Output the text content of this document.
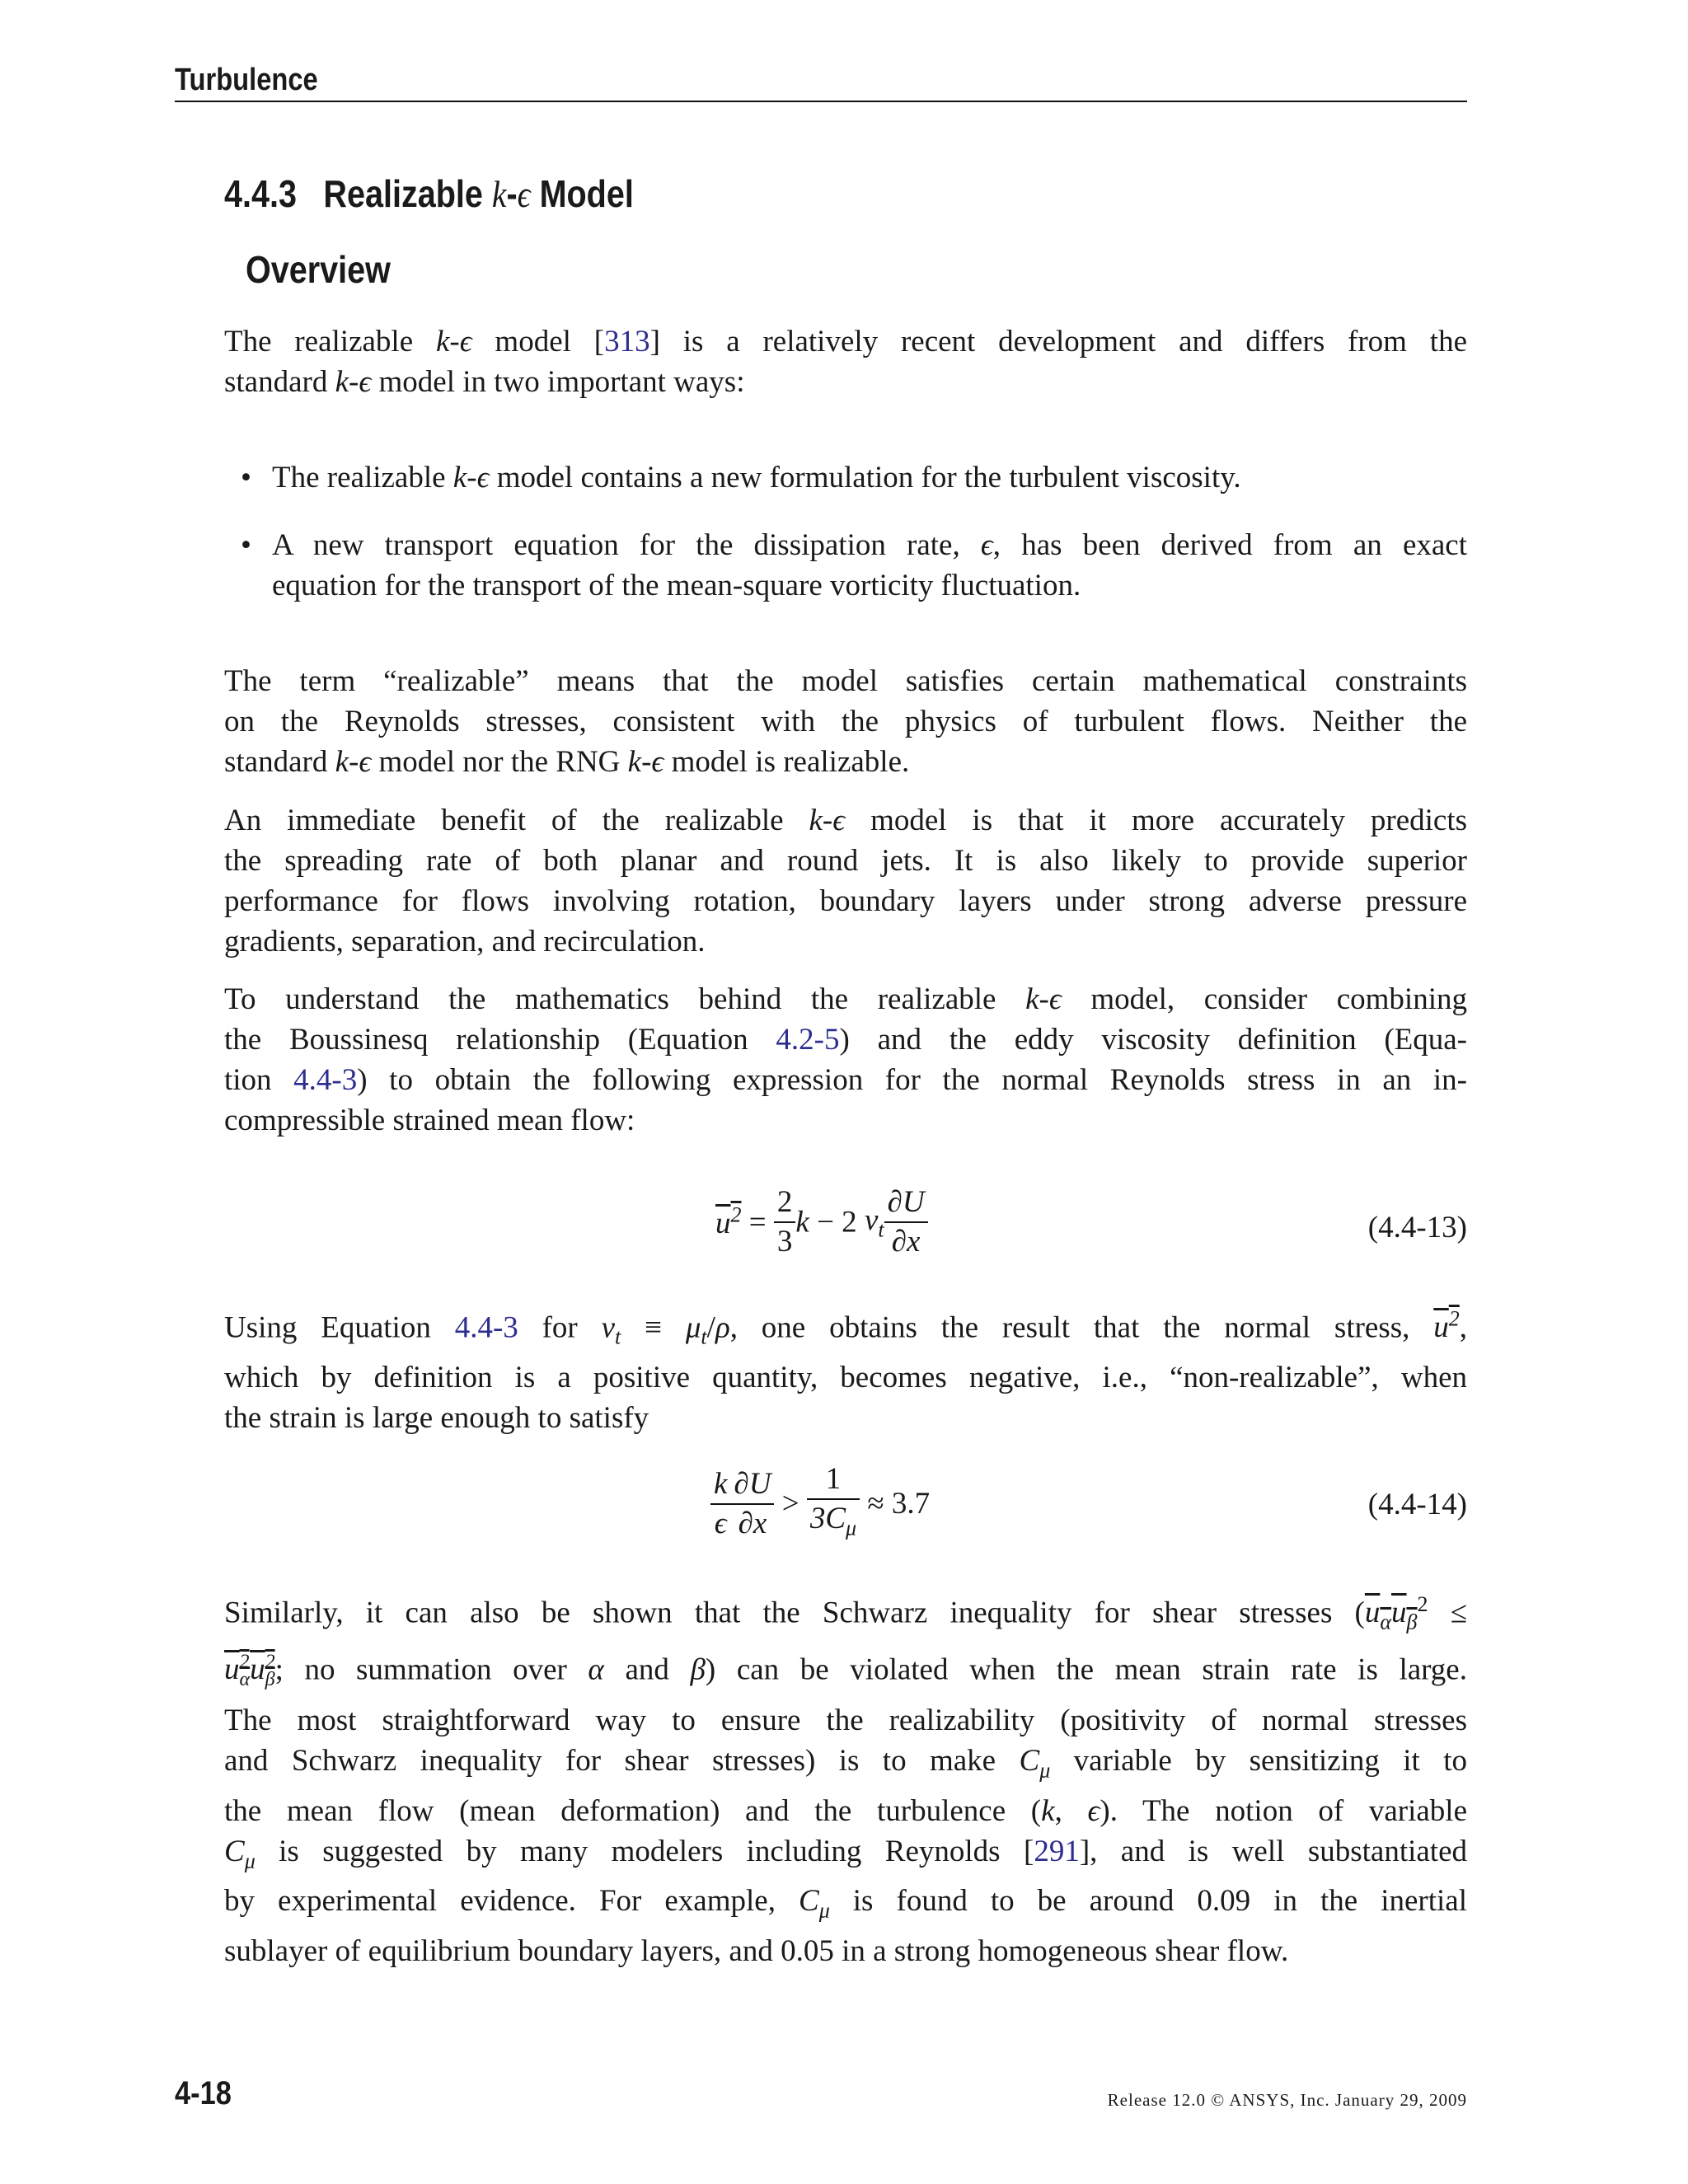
Turbulence
4.4.3 Realizable k-ϵ Model
Overview
The realizable k-ϵ model [313] is a relatively recent development and differs from the
standard k-ϵ model in two important ways:
• The realizable k-ϵ model contains a new formulation for the turbulent viscosity.
• A new transport equation for the dissipation rate, ϵ, has been derived from an exact
equation for the transport of the mean-square vorticity fluctuation.
The term “realizable” means that the model satisfies certain mathematical constraints
on the Reynolds stresses, consistent with the physics of turbulent flows. Neither the
standard k-ϵ model nor the RNG k-ϵ model is realizable.
An immediate benefit of the realizable k-ϵ model is that it more accurately predicts
the spreading rate of both planar and round jets. It is also likely to provide superior
performance for flows involving rotation, boundary layers under strong adverse pressure
gradients, separation, and recirculation.
To understand the mathematics behind the realizable k-ϵ model, consider combining
the Boussinesq relationship (Equation 4.2-5) and the eddy viscosity definition (Equa-
tion 4.4-3) to obtain the following expression for the normal Reynolds stress in an in-
compressible strained mean flow:
$u^2 = \frac{2}{3}$ k − 2 $\nu_t \frac{\partial U}{\partial x}$	(4.4-13)
Using Equation 4.4-3 for $\nu_t \equiv \mu_t/\rho$, one obtains the result that the normal stress, $u^2$,
which by definition is a positive quantity, becomes negative, i.e., “non-realizable”, when
the strain is large enough to satisfy
$\frac{k}{\epsilon} \frac{\partial U}{\partial x} > \frac{1}{3C_\mu} \approx 3.7$	(4.4-14)
Similarly, it can also be shown that the Schwarz inequality for shear stresses ($u_\alpha u_\beta^2$ ≤
$u^2_\alpha u^2_\beta$; no summation over α and β) can be violated when the mean strain rate is large.
The most straightforward way to ensure the realizability (positivity of normal stresses
and Schwarz inequality for shear stresses) is to make $C_\mu$ variable by sensitizing it to
the mean flow (mean deformation) and the turbulence (k, ϵ). The notion of variable
$C_\mu$ is suggested by many modelers including Reynolds [291], and is well substantiated
by experimental evidence. For example, $C_\mu$ is found to be around 0.09 in the inertial
sublayer of equilibrium boundary layers, and 0.05 in a strong homogeneous shear flow.
4-18	Release 12.0 © ANSYS, Inc. January 29, 2009
